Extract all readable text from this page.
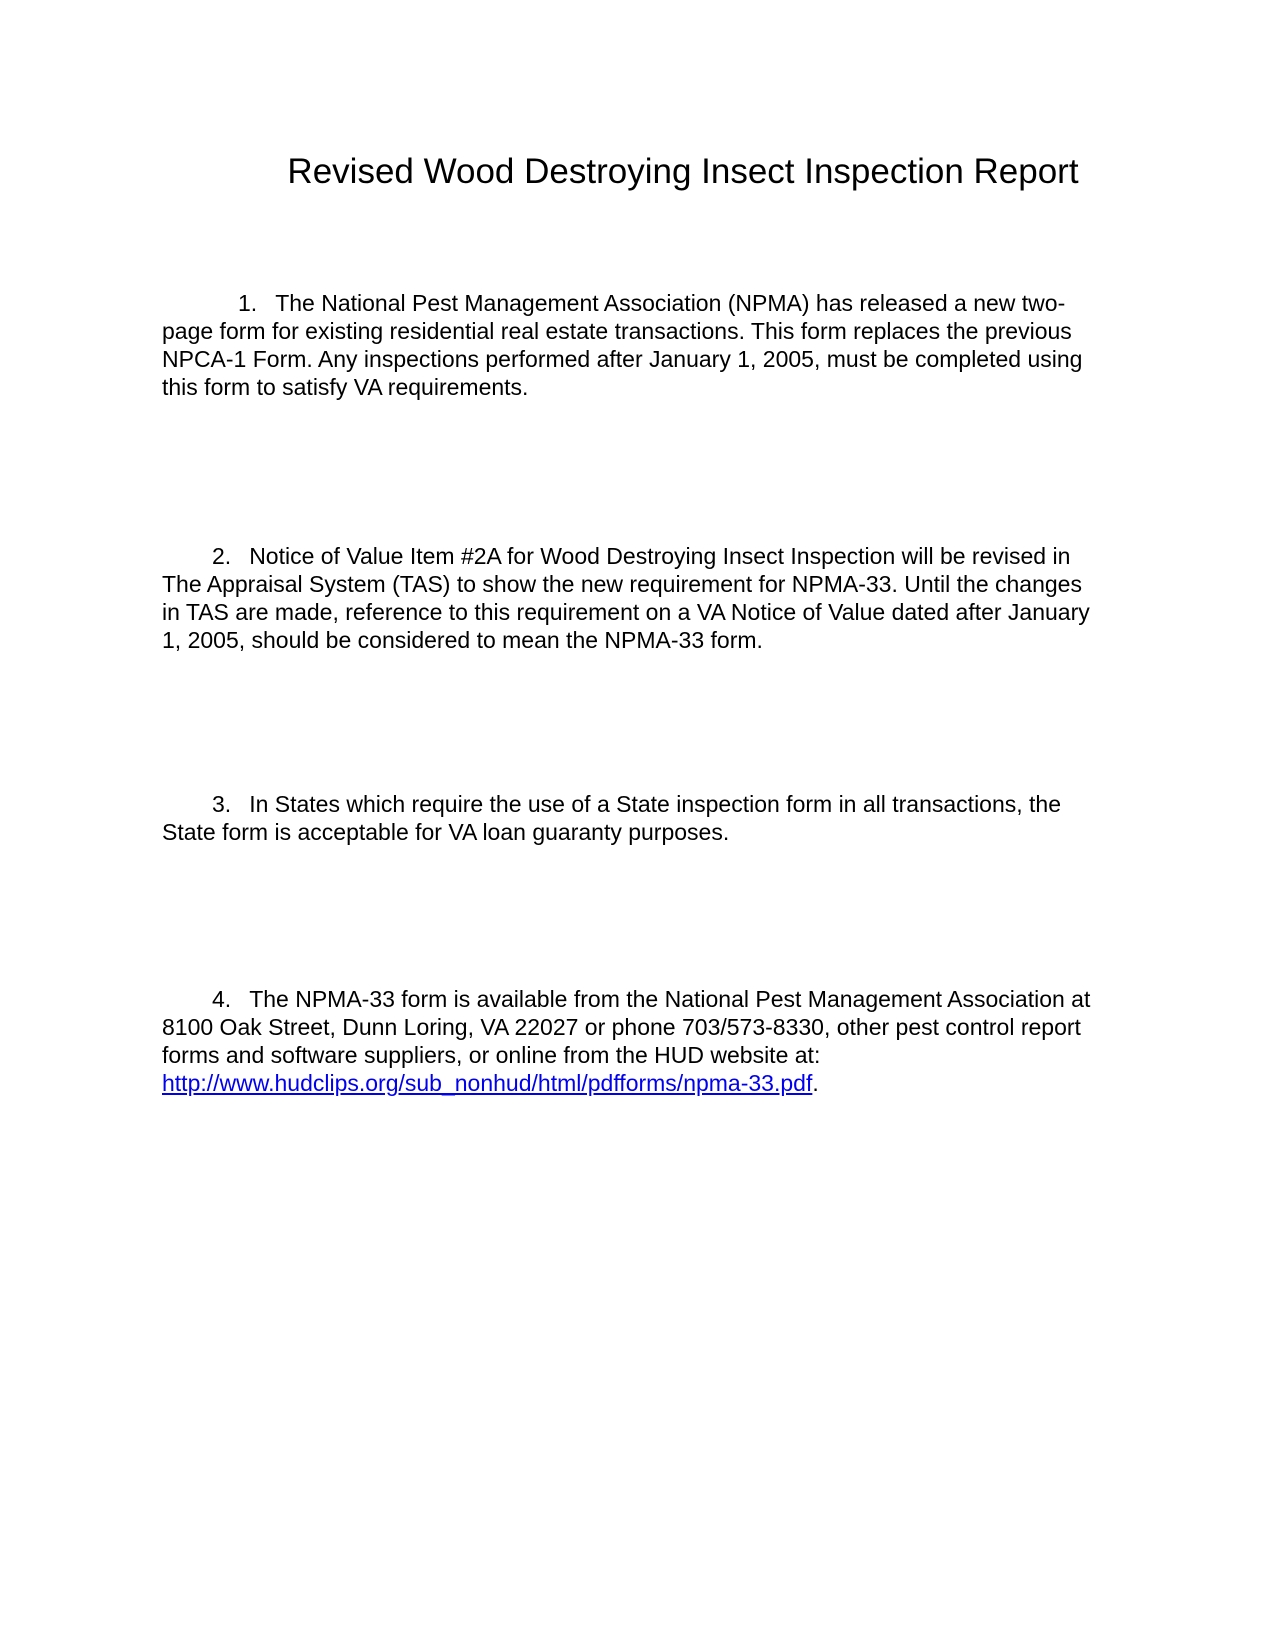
Revised Wood Destroying Insect Inspection Report

1. The National Pest Management Association (NPMA) has released a new two-page form for existing residential real estate transactions. This form replaces the previous NPCA-1 Form. Any inspections performed after January 1, 2005, must be completed using this form to satisfy VA requirements.

2. Notice of Value Item #2A for Wood Destroying Insect Inspection will be revised in The Appraisal System (TAS) to show the new requirement for NPMA-33. Until the changes in TAS are made, reference to this requirement on a VA Notice of Value dated after January 1, 2005, should be considered to mean the NPMA-33 form.

3. In States which require the use of a State inspection form in all transactions, the State form is acceptable for VA loan guaranty purposes.

4. The NPMA-33 form is available from the National Pest Management Association at 8100 Oak Street, Dunn Loring, VA 22027 or phone 703/573-8330, other pest control report forms and software suppliers, or online from the HUD website at: http://www.hudclips.org/sub_nonhud/html/pdfforms/npma-33.pdf.
